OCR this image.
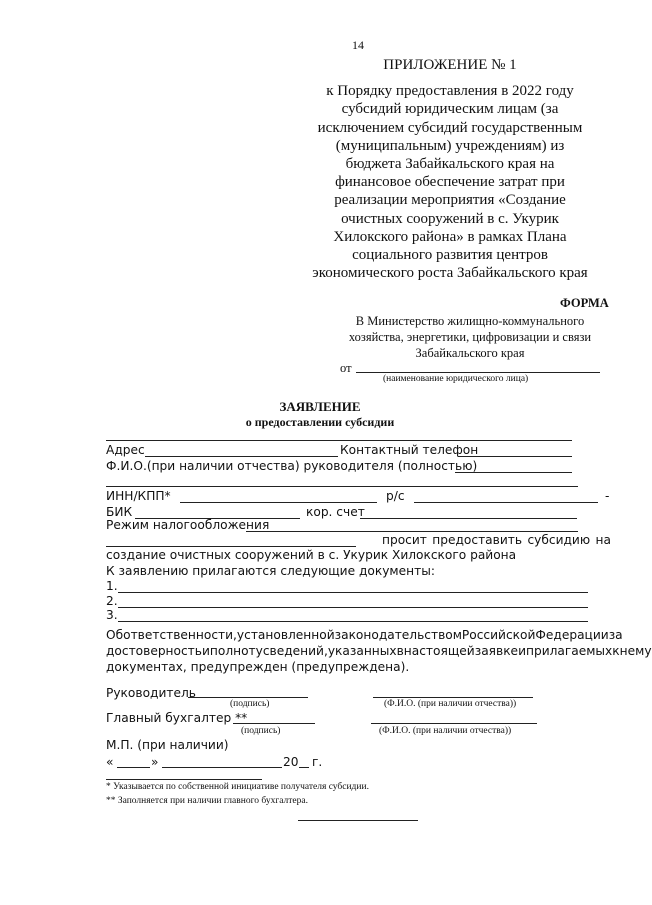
14
ПРИЛОЖЕНИЕ № 1
к Порядку предоставления в 2022 году
субсидий юридическим лицам (за
исключением субсидий государственным
(муниципальным) учреждениям) из
бюджета Забайкальского края на
финансовое обеспечение затрат при
реализации мероприятия «Создание
очистных сооружений в с. Укурик
Хилокского района» в рамках Плана
социального развития центров
экономического роста Забайкальского края
ФОРМА
В Министерство жилищно-коммунального
хозяйства, энергетики, цифровизации и связи
Забайкальского края
от
(наименование юридического лица)
ЗАЯВЛЕНИЕ
о предоставлении субсидии
Адрес	Контактный телефон
Ф.И.О.(при наличии отчества) руководителя (полностью)
ИНН/КПП*	р/с	-
БИК	кор. счет
Режим налогообложения
просит предоставить субсидию на
создание очистных сооружений в с. Укурик Хилокского района
К заявлению прилагаются следующие документы:
1.
2.
3.
Об ответственности, установленной законодательством Российской Федерации за
достоверность и полноту сведений, указанных в настоящей заявке и прилагаемых к нему
документах, предупрежден (предупреждена).
Руководитель
(подпись)	(Ф.И.О. (при наличии отчества))
Главный бухгалтер **
(подпись)	(Ф.И.О. (при наличии отчества))
М.П. (при наличии)
«	»	20 г.
* Указывается по собственной инициативе получателя субсидии.
** Заполняется при наличии главного бухгалтера.
